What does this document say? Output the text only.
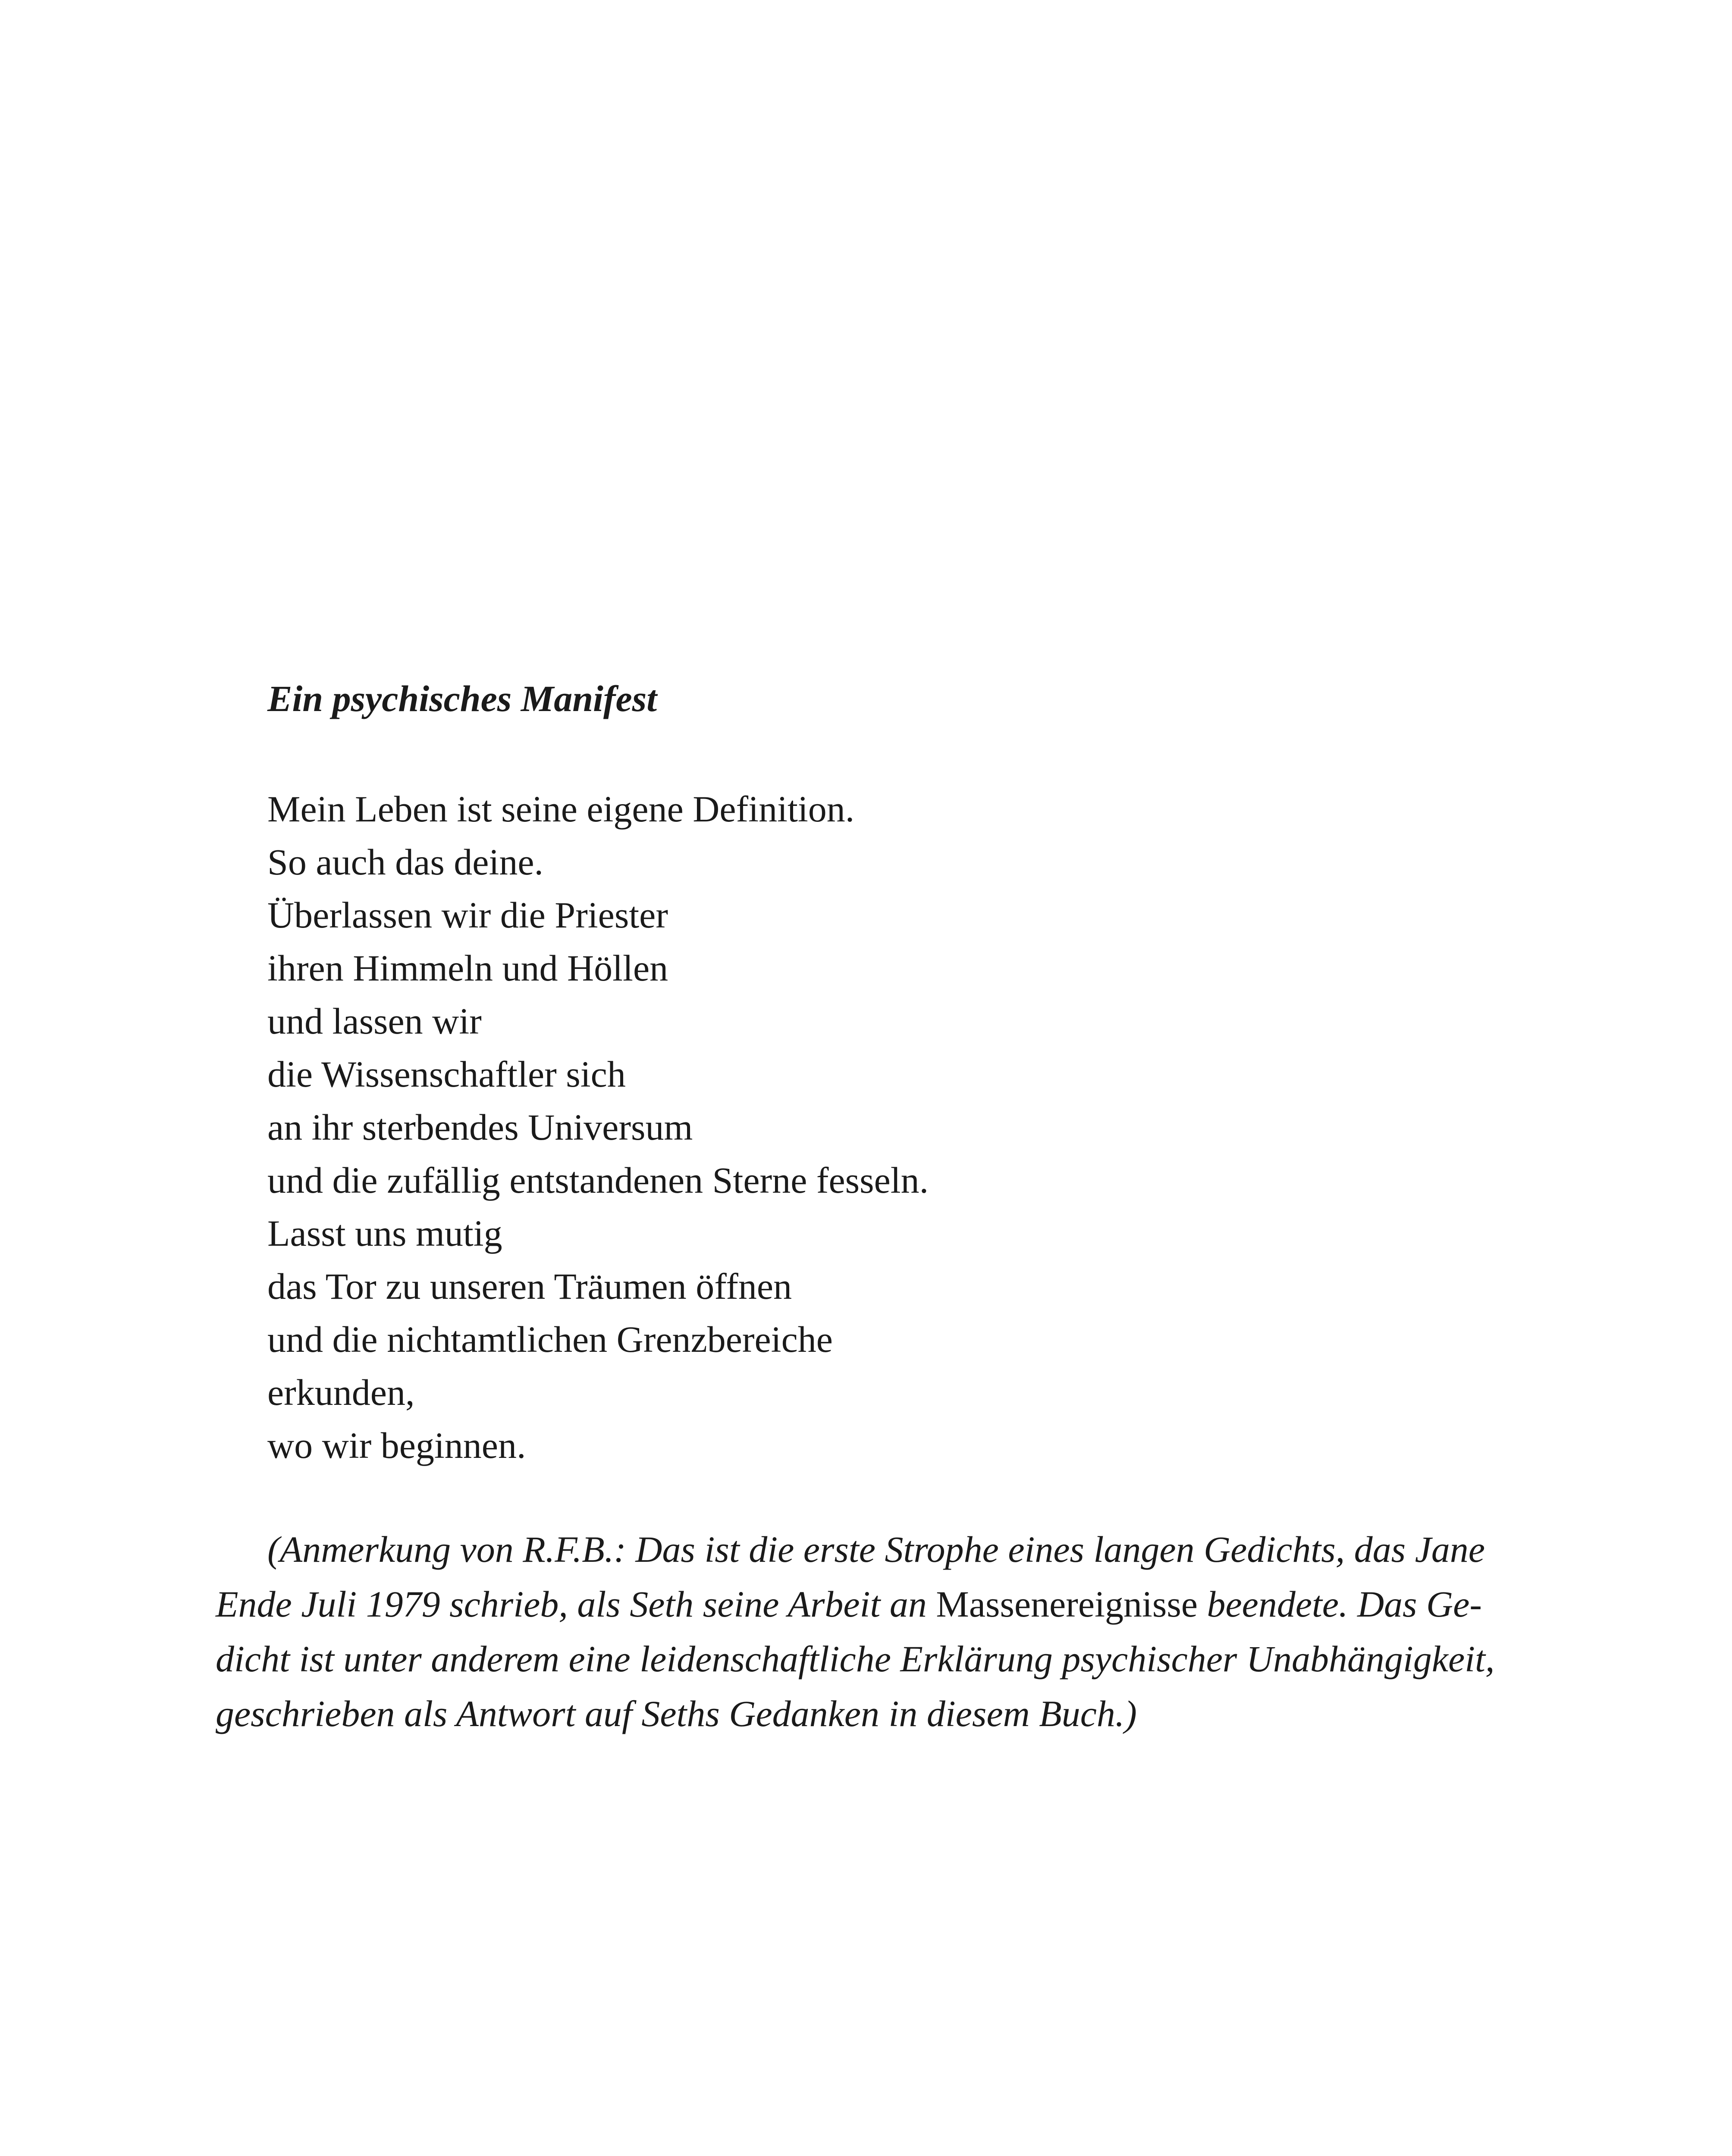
Ein psychisches Manifest
Mein Leben ist seine eigene Definition.
So auch das deine.
Überlassen wir die Priester
ihren Himmeln und Höllen
und lassen wir
die Wissenschaftler sich
an ihr sterbendes Universum
und die zufällig entstandenen Sterne fesseln.
Lasst uns mutig
das Tor zu unseren Träumen öffnen
und die nichtamtlichen Grenzbereiche
erkunden,
wo wir beginnen.

(Anmerkung von R.F.B.: Das ist die erste Strophe eines langen Gedichts, das Jane
Ende Juli 1979 schrieb, als Seth seine Arbeit an Massenereignisse beendete. Das Ge-
dicht ist unter anderem eine leidenschaftliche Erklärung psychischer Unabhängigkeit,
geschrieben als Antwort auf Seths Gedanken in diesem Buch.)
